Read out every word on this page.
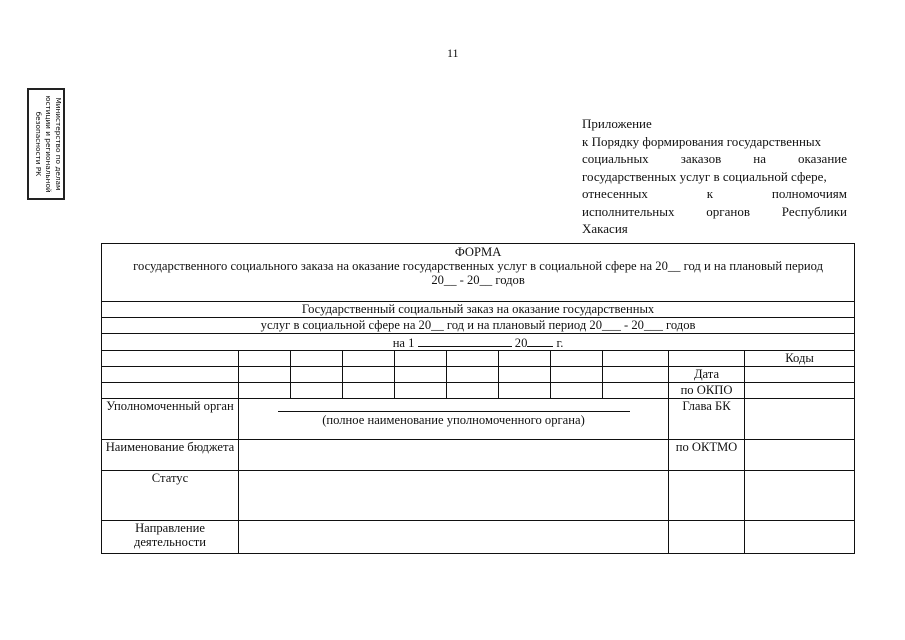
11
Министерство по делам юстиции и региональной безопасности РК	Приложение
к Порядку формирования государственных
социальных заказов на оказание
государственных услуг в социальной сфере,
отнесенных к полномочиям
исполнительных органов Республики
Хакасия
ФОРМА
государственного социального заказа на оказание государственных услуг в социальной сфере на 20__ год и на плановый период
20__ - 20__ годов										

Государственный социальный заказ на оказание государственных										
услуг в социальной сфере на 20__ год и на плановый период 20___ - 20___ годов										
на 1 20 г.										
										Коды
									Дата	
									по ОКПО	
Уполномоченный орган	(полное наименование уполномоченного органа)								Глава БК	
Наименование бюджета									по ОКТМО	
Статус										
Направление деятельности										
